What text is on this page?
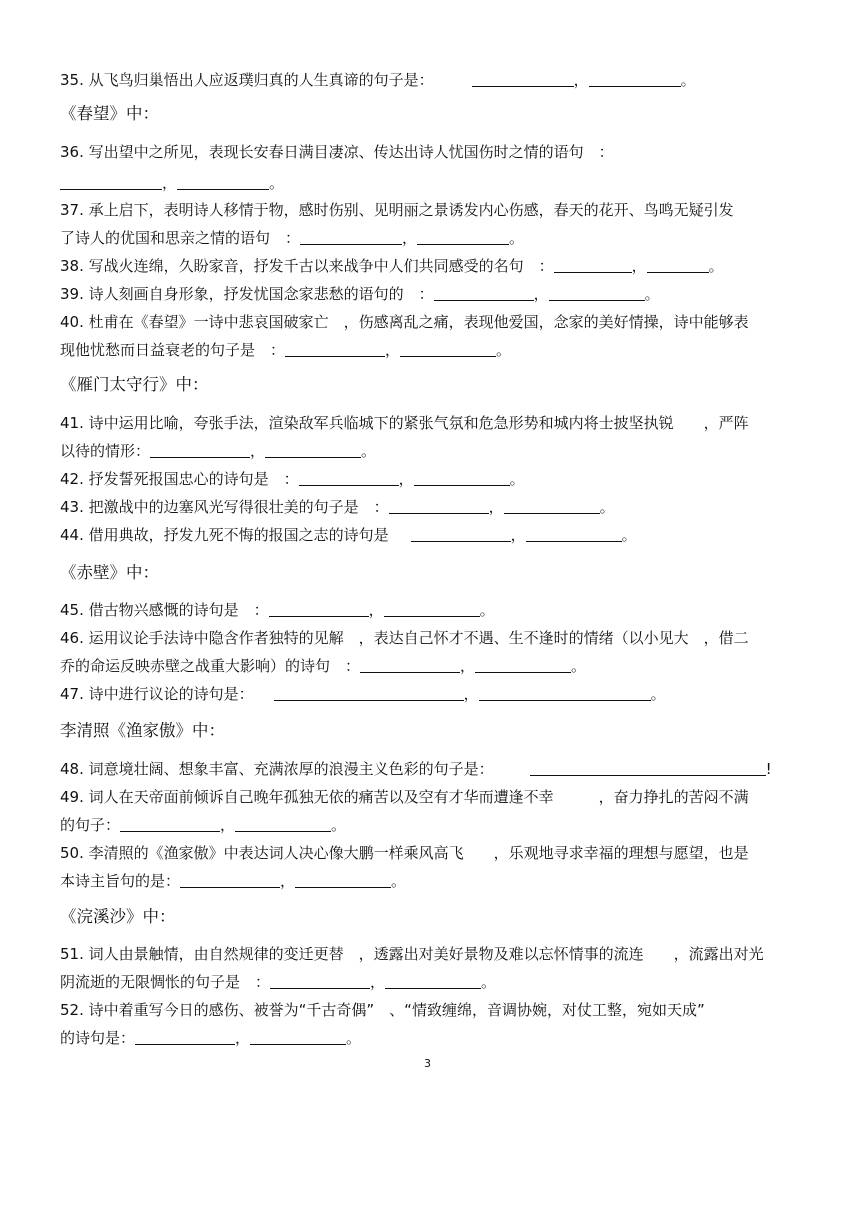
35. 从飞鸟归巢悟出人应返璞归真的人生真谛的句子是：	，	。
《春望》中：
36. 写出望中之所见，表现长安春日满目凄凉、传达出诗人忧国伤时之情的语句　：
，	。
37. 承上启下，表明诗人移情于物，感时伤别、见明丽之景诱发内心伤感，春天的花开、鸟鸣无疑引发
了诗人的优国和思亲之情的语句　：	，	。
38. 写战火连绵，久盼家音，抒发千古以来战争中人们共同感受的名句　：	，	。
39. 诗人刻画自身形象，抒发忧国念家悲愁的语句的　：	，	。
40. 杜甫在《春望》一诗中悲哀国破家亡　，伤感离乱之痛，表现他爱国，念家的美好情操，诗中能够表
现他忧愁而日益衰老的句子是　：	，	。
《雁门太守行》中：
41. 诗中运用比喻，夸张手法，渲染敌军兵临城下的紧张气氛和危急形势和城内将士披坚执锐　　，严阵
以待的情形：	，	。
42. 抒发誓死报国忠心的诗句是　：	，	。
43. 把激战中的边塞风光写得很壮美的句子是　：	，	。
44. 借用典故，抒发九死不悔的报国之志的诗句是	，	。
《赤壁》中：
45. 借古物兴感慨的诗句是　：	，	。
46. 运用议论手法诗中隐含作者独特的见解　，表达自己怀才不遇、生不逢时的情绪（以小见大　，借二
乔的命运反映赤壁之战重大影响）的诗句　：	，	。
47. 诗中进行议论的诗句是：	，	。
李清照《渔家傲》中：
48. 词意境壮阔、想象丰富、充满浓厚的浪漫主义色彩的句子是：	!
49. 词人在天帝面前倾诉自己晚年孤独无依的痛苦以及空有才华而遭逢不幸　　　，奋力挣扎的苦闷不满
的句子：	，	。
50. 李清照的《渔家傲》中表达词人决心像大鹏一样乘风高飞　　，乐观地寻求幸福的理想与愿望，也是
本诗主旨句的是：	，	。
《浣溪沙》中：
51. 词人由景触情，由自然规律的变迁更替　，透露出对美好景物及难以忘怀情事的流连　　，流露出对光
阴流逝的无限惆怅的句子是　：	，	。
52. 诗中着重写今日的感伤、被誉为“千古奇偶”　、“情致缠绵，音调协婉，对仗工整，宛如天成”
的诗句是：	，	。
3
